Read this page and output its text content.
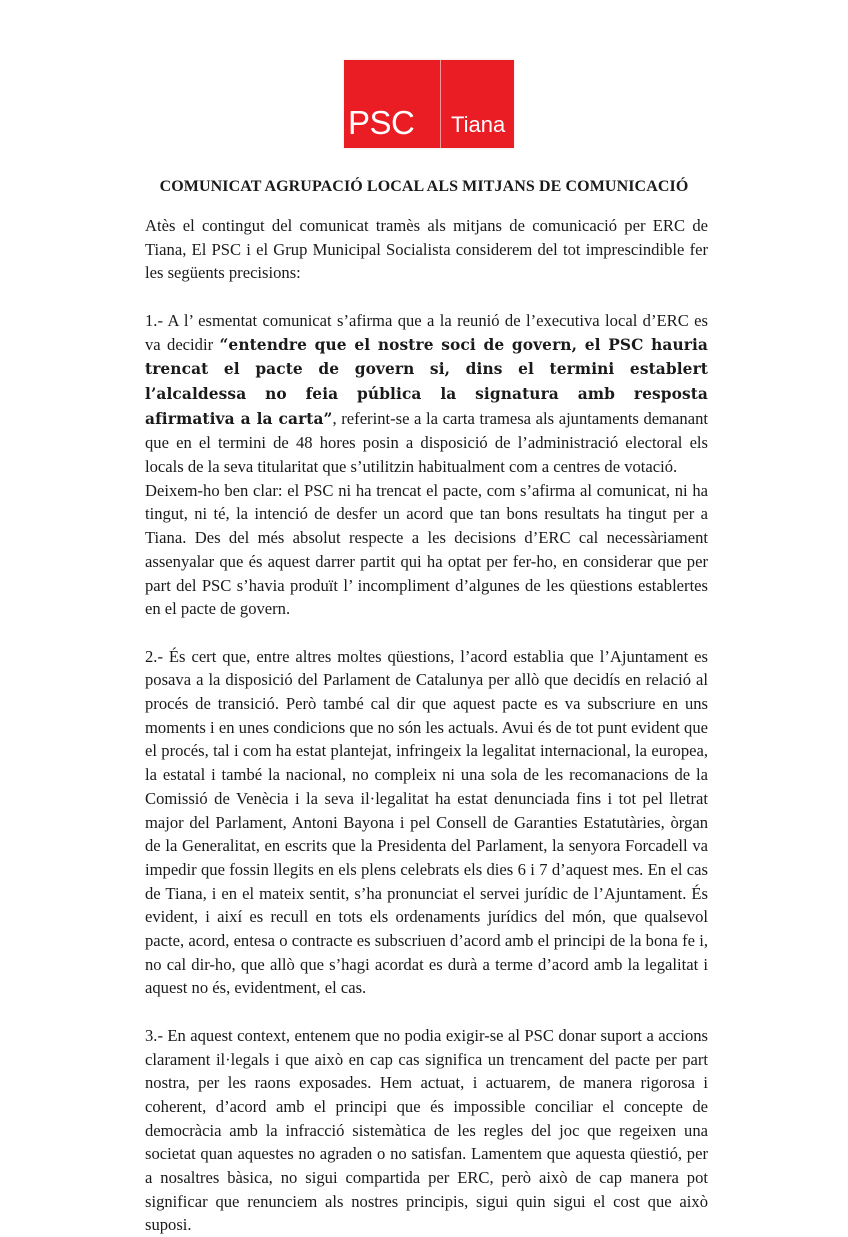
PSC Tiana
COMUNICAT AGRUPACIÓ LOCAL ALS MITJANS DE COMUNICACIÓ

Atès el contingut del comunicat tramès als mitjans de comunicació per ERC de Tiana, El PSC i el Grup Municipal Socialista considerem del tot imprescindible fer les següents precisions:

1.- A l’ esmentat comunicat s’afirma que a la reunió de l’executiva local d’ERC es va decidir “entendre que el nostre soci de govern, el PSC hauria trencat el pacte de govern si, dins el termini establert l’alcaldessa no feia pública la signatura amb resposta afirmativa a la carta”, referint-se a la carta tramesa als ajuntaments demanant que en el termini de 48 hores posin a disposició de l’administració electoral els locals de la seva titularitat que s’utilitzin habitualment com a centres de votació.

Deixem-ho ben clar: el PSC ni ha trencat el pacte, com s’afirma al comunicat, ni ha tingut, ni té, la intenció de desfer un acord que tan bons resultats ha tingut per a Tiana. Des del més absolut respecte a les decisions d’ERC cal necessàriament assenyalar que és aquest darrer partit qui ha optat per fer-ho, en considerar que per part del PSC s’havia produït l’ incompliment d’algunes de les qüestions establertes en el pacte de govern.

2.- És cert que, entre altres moltes qüestions, l’acord establia que l’Ajuntament es posava a la disposició del Parlament de Catalunya per allò que decidís en relació al procés de transició. Però també cal dir que aquest pacte es va subscriure en uns moments i en unes condicions que no són les actuals. Avui és de tot punt evident que el procés, tal i com ha estat plantejat, infringeix la legalitat internacional, la europea, la estatal i també la nacional, no compleix ni una sola de les recomanacions de la Comissió de Venècia i la seva il·legalitat ha estat denunciada fins i tot pel lletrat major del Parlament, Antoni Bayona i pel Consell de Garanties Estatutàries, òrgan de la Generalitat, en escrits que la Presidenta del Parlament, la senyora Forcadell va impedir que fossin llegits en els plens celebrats els dies 6 i 7 d’aquest mes. En el cas de Tiana, i en el mateix sentit, s’ha pronunciat el servei jurídic de l’Ajuntament. És evident, i així es recull en tots els ordenaments jurídics del món, que qualsevol pacte, acord, entesa o contracte es subscriuen d’acord amb el principi de la bona fe i, no cal dir-ho, que allò que s’hagi acordat es durà a terme d’acord amb la legalitat i aquest no és, evidentment, el cas.

3.- En aquest context, entenem que no podia exigir-se al PSC donar suport a accions clarament il·legals i que això en cap cas significa un trencament del pacte per part nostra, per les raons exposades. Hem actuat, i actuarem, de manera rigorosa i coherent, d’acord amb el principi que és impossible conciliar el concepte de democràcia amb la infracció sistemàtica de les regles del joc que regeixen una societat quan aquestes no agraden o no satisfan. Lamentem que aquesta qüestió, per a nosaltres bàsica, no sigui compartida per ERC, però això de cap manera pot significar que renunciem als nostres principis, sigui quin sigui el cost que això suposi.
